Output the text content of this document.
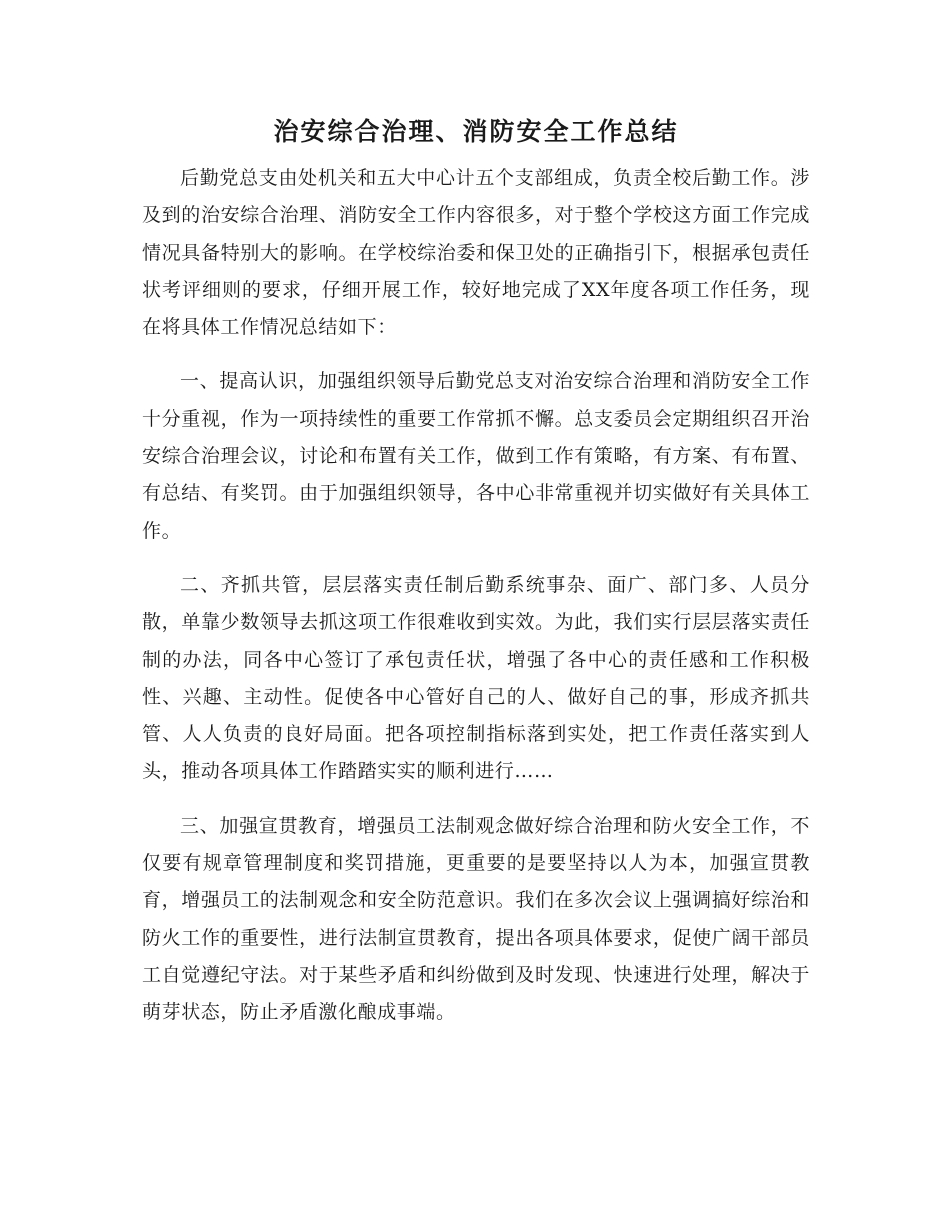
治安综合治理、消防安全工作总结

后勤党总支由处机关和五大中心计五个支部组成，负责全校后勤工作。涉及到的治安综合治理、消防安全工作内容很多，对于整个学校这方面工作完成情况具备特别大的影响。在学校综治委和保卫处的正确指引下，根据承包责任状考评细则的要求，仔细开展工作，较好地完成了XX年度各项工作任务，现在将具体工作情况总结如下：

一、提高认识，加强组织领导后勤党总支对治安综合治理和消防安全工作十分重视，作为一项持续性的重要工作常抓不懈。总支委员会定期组织召开治安综合治理会议，讨论和布置有关工作，做到工作有策略，有方案、有布置、有总结、有奖罚。由于加强组织领导，各中心非常重视并切实做好有关具体工作。

二、齐抓共管，层层落实责任制后勤系统事杂、面广、部门多、人员分散，单靠少数领导去抓这项工作很难收到实效。为此，我们实行层层落实责任制的办法，同各中心签订了承包责任状，增强了各中心的责任感和工作积极性、兴趣、主动性。促使各中心管好自己的人、做好自己的事，形成齐抓共管、人人负责的良好局面。把各项控制指标落到实处，把工作责任落实到人头，推动各项具体工作踏踏实实的顺利进行……

三、加强宣贯教育，增强员工法制观念做好综合治理和防火安全工作，不仅要有规章管理制度和奖罚措施，更重要的是要坚持以人为本，加强宣贯教育，增强员工的法制观念和安全防范意识。我们在多次会议上强调搞好综治和防火工作的重要性，进行法制宣贯教育，提出各项具体要求，促使广阔干部员工自觉遵纪守法。对于某些矛盾和纠纷做到及时发现、快速进行处理，解决于萌芽状态，防止矛盾激化酿成事端。
